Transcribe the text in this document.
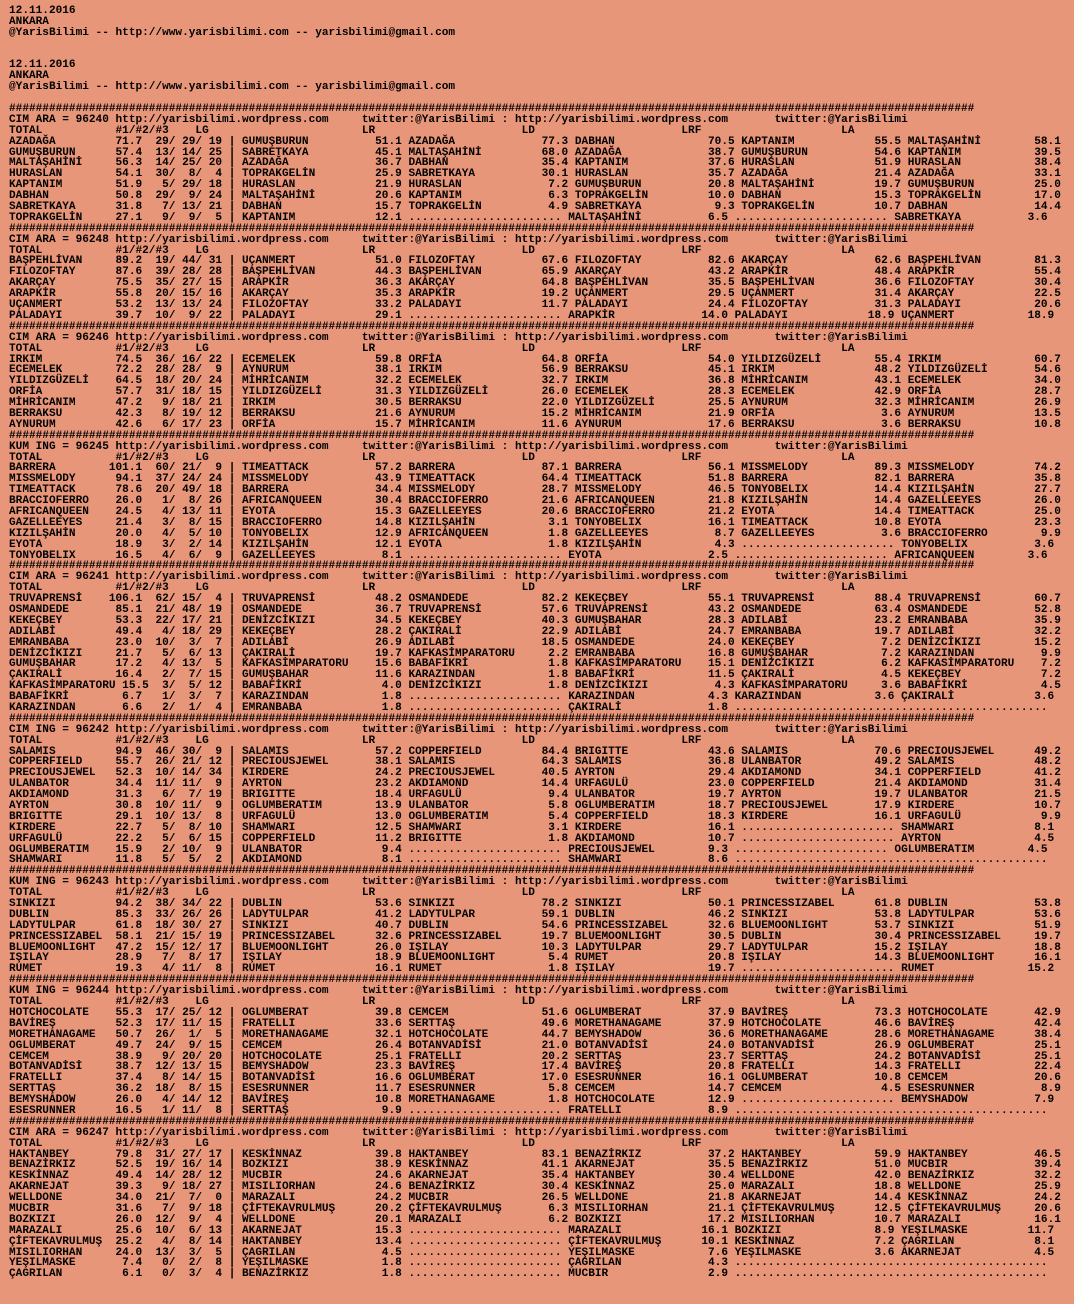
12.11.2016
ANKARA
@YarisBilimi -- http://www.yarisbilimi.com -- yarisbilimi@gmail.com

12.11.2016
ANKARA
@YarisBilimi -- http://www.yarisbilimi.com -- yarisbilimi@gmail.com

#################################################################################################################################################
CIM ARA = 96240 http://yarisbilimi.wordpress.com     twitter:@YarisBilimi : http://yarisbilimi.wordpress.com       twitter:@YarisBilimi
TOTAL           #1/#2/#3    LG                       LR                      LD                      LRF                     LA
AZADAĞA         71.7  29/ 29/ 19 | GUMUŞBURUN          51.1 AZADAĞA             77.3 DABHAN              70.5 KAPTANIM            55.5 MALTAŞAHİNİ        58.1
GUMUŞBURUN      57.4  13/ 14/ 25 | SABRETKAYA          45.1 MALTAŞAHİNİ         68.0 AZADAĞA             38.7 GUMUŞBURUN          54.6 KAPTANIM           39.5
MALTAŞAHİNİ     56.3  14/ 25/ 20 | AZADAĞA             36.7 DABHAN              35.4 KAPTANIM            37.6 HURASLAN            51.9 HURASLAN           38.4
HURASLAN        54.1  30/  8/  4 | TOPRAKGELİN         25.9 SABRETKAYA          30.1 HURASLAN            35.7 AZADAĞA             21.4 AZADAĞA            33.1
KAPTANIM        51.9   5/ 29/ 18 | HURASLAN            21.9 HURASLAN             7.2 GUMUŞBURUN          20.8 MALTAŞAHİNİ         19.7 GUMUŞBURUN         25.0
DABHAN          50.8  29/  9/ 24 | MALTAŞAHİNİ         20.6 KAPTANIM             6.3 TOPRAKGELİN         10.0 DABHAN              15.3 TOPRAKGELİN        17.0
SABRETKAYA      31.8   7/ 13/ 21 | DABHAN              15.7 TOPRAKGELİN          4.9 SABRETKAYA           9.3 TOPRAKGELİN         10.7 DABHAN             14.4
TOPRAKGELİN     27.1   9/  9/  5 | KAPTANIM            12.1 ....................... MALTAŞAHİNİ          6.5 ....................... SABRETKAYA          3.6
#################################################################################################################################################
CIM ARA = 96248 http://yarisbilimi.wordpress.com     twitter:@YarisBilimi : http://yarisbilimi.wordpress.com       twitter:@YarisBilimi
TOTAL           #1/#2/#3    LG                       LR                      LD                      LRF                     LA
BAŞPEHLİVAN     89.2  19/ 44/ 31 | UÇANMERT            51.0 FILOZOFTAY          67.6 FILOZOFTAY          82.6 AKARÇAY             62.6 BAŞPEHLİVAN        81.3
FILOZOFTAY      87.6  39/ 28/ 28 | BAŞPEHLİVAN         44.3 BAŞPEHLİVAN         65.9 AKARÇAY             43.2 ARAPKİR             48.4 ARAPKİR            55.4
AKARÇAY         75.5  35/ 27/ 15 | ARAPKİR             36.3 AKARÇAY             64.8 BAŞPEHLİVAN         35.5 BAŞPEHLİVAN         36.6 FILOZOFTAY         30.4
ARAPKİR         55.8  20/ 15/ 16 | AKARÇAY             35.3 ARAPKİR             19.2 UÇANMERT            29.5 UÇANMERT            31.4 AKARÇAY            22.5
UÇANMERT        53.2  13/ 13/ 24 | FILOZOFTAY          33.2 PALADAYI            11.7 PALADAYI            24.4 FILOZOFTAY          31.3 PALADAYI           20.6
PALADAYI        39.7  10/  9/ 22 | PALADAYI            29.1 ....................... ARAPKİR             14.0 PALADAYI            18.9 UÇANMERT           18.9
#################################################################################################################################################
CIM ARA = 96246 http://yarisbilimi.wordpress.com     twitter:@YarisBilimi : http://yarisbilimi.wordpress.com       twitter:@YarisBilimi
TOTAL           #1/#2/#3    LG                       LR                      LD                      LRF                     LA
IRKIM           74.5  36/ 16/ 22 | ECEMELEK            59.8 ORFİA               64.8 ORFİA               54.0 YILDIZGÜZELİ        55.4 IRKIM              60.7
ECEMELEK        72.2  28/ 28/  9 | AYNURUM             38.1 IRKIM               56.9 BERRAKSU            45.1 IRKIM               48.2 YILDIZGÜZELİ       54.6
YILDIZGÜZELİ    64.5  18/ 20/ 24 | MİHRİCANIM          32.2 ECEMELEK            32.7 IRKIM               36.8 MİHRİCANIM          43.1 ECEMELEK           34.0
ORFİA           57.7  31/ 18/ 15 | YILDIZGÜZELİ        31.3 YILDIZGÜZELİ        26.0 ECEMELEK            28.3 ECEMELEK            42.9 ORFİA              28.7
MİHRİCANIM      47.2   9/ 18/ 21 | IRKIM               30.5 BERRAKSU            22.0 YILDIZGÜZELİ        25.5 AYNURUM             32.3 MİHRİCANIM         26.9
BERRAKSU        42.3   8/ 19/ 12 | BERRAKSU            21.6 AYNURUM             15.2 MİHRİCANIM          21.9 ORFİA                3.6 AYNURUM            13.5
AYNURUM         42.6   6/ 17/ 23 | ORFİA               15.7 MİHRİCANIM          11.6 AYNURUM             17.6 BERRAKSU             3.6 BERRAKSU           10.8
#################################################################################################################################################
KUM ING = 96245 http://yarisbilimi.wordpress.com     twitter:@YarisBilimi : http://yarisbilimi.wordpress.com       twitter:@YarisBilimi
TOTAL           #1/#2/#3    LG                       LR                      LD                      LRF                     LA
BARRERA        101.1  60/ 21/  9 | TIMEATTACK          57.2 BARRERA             87.1 BARRERA             56.1 MISSMELODY          89.3 MISSMELODY         74.2
MISSMELODY      94.1  37/ 24/ 24 | MISSMELODY          43.9 TIMEATTACK          64.4 TIMEATTACK          51.8 BARRERA             82.1 BARRERA            35.8
TIMEATTACK      78.6  20/ 49/ 18 | BARRERA             34.4 MISSMELODY          28.7 MISSMELODY          46.5 TONYOBELIX          14.4 KIZILŞAHİN         27.7
BRACCIOFERRO    26.0   1/  8/ 26 | AFRICANQUEEN        30.4 BRACCIOFERRO        21.6 AFRICANQUEEN        21.8 KIZILŞAHİN          14.4 GAZELLEEYES        26.0
AFRICANQUEEN    24.5   4/ 13/ 11 | EYOTA               15.3 GAZELLEEYES         20.6 BRACCIOFERRO        21.2 EYOTA               14.4 TIMEATTACK         25.0
GAZELLEEYES     21.4   3/  8/ 15 | BRACCIOFERRO        14.8 KIZILŞAHİN           3.1 TONYOBELIX          16.1 TIMEATTACK          10.8 EYOTA              23.3
KIZILŞAHİN      20.0   4/  5/ 10 | TONYOBELIX          12.9 AFRICANQUEEN         1.8 GAZELLEEYES          8.7 GAZELLEEYES          3.6 BRACCIOFERRO        9.9
EYOTA           18.9   3/  2/ 14 | KIZILŞAHİN          12.1 EYOTA                1.8 KIZILŞAHİN           4.3 ....................... TONYOBELIX          3.6
TONYOBELIX      16.5   4/  6/  9 | GAZELLEEYES          8.1 ....................... EYOTA                2.5 ....................... AFRICANQUEEN        3.6
#################################################################################################################################################
CIM ARA = 96241 http://yarisbilimi.wordpress.com     twitter:@YarisBilimi : http://yarisbilimi.wordpress.com       twitter:@YarisBilimi
TOTAL           #1/#2/#3    LG                       LR                      LD                      LRF                     LA
TRUVAPRENSİ    106.1  62/ 15/  4 | TRUVAPRENSİ         48.2 OSMANDEDE           82.2 KEKEÇBEY            55.1 TRUVAPRENSİ         88.4 TRUVAPRENSİ        60.7
OSMANDEDE       85.1  21/ 48/ 19 | OSMANDEDE           36.7 TRUVAPRENSİ         57.6 TRUVAPRENSİ         43.2 OSMANDEDE           63.4 OSMANDEDE          52.8
KEKEÇBEY        53.3  22/ 17/ 21 | DENİZCİKIZI         34.5 KEKEÇBEY            40.3 GUMUŞBAHAR          28.3 ADILABİ             23.2 EMRANBABA          35.9
ADILABİ         49.4   4/ 18/ 29 | KEKEÇBEY            28.2 ÇAKIRALİ            22.9 ADILABİ             24.7 EMRANBABA           19.7 ADILABİ            32.2
EMRANBABA       23.0  10/  3/  7 | ADILABİ             26.9 ADILABİ             18.5 OSMANDEDE           24.0 KEKEÇBEY             7.2 DENİZCİKIZI        15.2
DENİZCİKIZI     21.7   5/  6/ 13 | ÇAKIRALİ            19.7 KAFKASİMPARATORU     2.2 EMRANBABA           16.8 GUMUŞBAHAR           7.2 KARAZINDAN          9.9
GUMUŞBAHAR      17.2   4/ 13/  5 | KAFKASİMPARATORU    15.6 BABAFİKRİ            1.8 KAFKASİMPARATORU    15.1 DENİZCİKIZI          6.2 KAFKASİMPARATORU    7.2
ÇAKIRALİ        16.4   2/  7/ 15 | GUMUŞBAHAR          11.6 KARAZINDAN           1.8 BABAFİKRİ           11.5 ÇAKIRALİ             4.5 KEKEÇBEY            7.2
KAFKASİMPARATORU 15.5  3/  5/ 12 | BABAFİKRİ            4.0 DENİZCİKIZI          1.8 DENİZCİKIZI          4.3 KAFKASİMPARATORU     3.6 BABAFİKRİ           4.5
BABAFİKRİ        6.7   1/  3/  7 | KARAZINDAN           1.8 ....................... KARAZINDAN           4.3 KARAZINDAN           3.6 ÇAKIRALİ            3.6
KARAZINDAN       6.6   2/  1/  4 | EMRANBABA            1.8 ....................... ÇAKIRALİ             1.8 ...............................................
#################################################################################################################################################
CIM ING = 96242 http://yarisbilimi.wordpress.com     twitter:@YarisBilimi : http://yarisbilimi.wordpress.com       twitter:@YarisBilimi
TOTAL           #1/#2/#3    LG                       LR                      LD                      LRF                     LA
SALAMIS         94.9  46/ 30/  9 | SALAMIS             57.2 COPPERFIELD         84.4 BRIGITTE            43.6 SALAMIS             70.6 PRECIOUSJEWEL      49.2
COPPERFIELD     55.7  26/ 21/ 12 | PRECIOUSJEWEL       38.1 SALAMIS             64.3 SALAMIS             36.8 ULANBATOR           49.2 SALAMIS            48.2
PRECIOUSJEWEL   52.3  10/ 14/ 34 | KIRDERE             24.2 PRECIOUSJEWEL       40.5 AYRTON              29.4 AKDIAMOND           34.1 COPPERFIELD        41.2
ULANBATOR       34.4  11/ 11/  9 | AYRTON              23.2 AKDIAMOND           14.4 URFAGULÜ            23.0 COPPERFIELD         21.4 AKDIAMOND          31.4
AKDIAMOND       31.3   6/  7/ 19 | BRIGITTE            18.4 URFAGULÜ             9.4 ULANBATOR           19.7 AYRTON              19.7 ULANBATOR          21.5
AYRTON          30.8  10/ 11/  9 | OGLUMBERATIM        13.9 ULANBATOR            5.8 OGLUMBERATIM        18.7 PRECIOUSJEWEL       17.9 KIRDERE            10.7
BRIGITTE        29.1  10/ 13/  8 | URFAGULÜ            13.0 OGLUMBERATIM         5.4 COPPERFIELD         18.3 KIRDERE             16.1 URFAGULÜ            9.9
KIRDERE         22.7   5/  8/ 10 | SHAMWARI            12.5 SHAMWARI             3.1 KIRDERE             16.1 ....................... SHAMWARI            8.1
URFAGULÜ        22.2   5/  6/ 15 | COPPERFIELD         11.2 BRIGITTE             1.8 AKDIAMOND           10.7 ....................... AYRTON              4.5
OGLUMBERATIM    15.9   2/ 10/  9 | ULANBATOR            9.4 ....................... PRECIOUSJEWEL        9.3 ....................... OGLUMBERATIM        4.5
SHAMWARI        11.8   5/  5/  2 | AKDIAMOND            8.1 ....................... SHAMWARI             8.6 ...............................................
#################################################################################################################################################
KUM ING = 96243 http://yarisbilimi.wordpress.com     twitter:@YarisBilimi : http://yarisbilimi.wordpress.com       twitter:@YarisBilimi
TOTAL           #1/#2/#3    LG                       LR                      LD                      LRF                     LA
SINKIZI         94.2  38/ 34/ 22 | DUBLIN              53.6 SINKIZI             78.2 SINKIZI             50.1 PRINCESSIZABEL      61.8 DUBLIN             53.8
DUBLIN          85.3  33/ 26/ 26 | LADYTULPAR          41.2 LADYTULPAR          59.1 DUBLIN              46.2 SINKIZI             53.8 LADYTULPAR         53.6
LADYTULPAR      61.8  18/ 30/ 27 | SINKIZI             40.7 DUBLIN              54.6 PRINCESSIZABEL      32.6 BLUEMOONLIGHT       53.7 SINKIZI            51.9
PRINCESSIZABEL  58.1  21/ 15/ 19 | PRINCESSIZABEL      32.6 PRINCESSIZABEL      19.7 BLUEMOONLIGHT       30.5 DUBLIN              30.4 PRINCESSIZABEL     19.7
BLUEMOONLIGHT   47.2  15/ 12/ 17 | BLUEMOONLIGHT       26.0 IŞILAY              10.3 LADYTULPAR          29.7 LADYTULPAR          15.2 IŞILAY             18.8
IŞILAY          28.9   7/  8/ 17 | IŞILAY              18.9 BLUEMOONLIGHT        5.4 RUMET               20.8 IŞILAY              14.3 BLUEMOONLIGHT      16.1
RUMET           19.3   4/ 11/  8 | RUMET               16.1 RUMET                1.8 IŞILAY              19.7 ....................... RUMET              15.2
#################################################################################################################################################
KUM ING = 96244 http://yarisbilimi.wordpress.com     twitter:@YarisBilimi : http://yarisbilimi.wordpress.com       twitter:@YarisBilimi
TOTAL           #1/#2/#3    LG                       LR                      LD                      LRF                     LA
HOTCHOCOLATE    55.3  17/ 25/ 12 | OGLUMBERAT          39.8 CEMCEM              51.6 OGLUMBERAT          37.9 BAVİREŞ             73.3 HOTCHOCOLATE       42.9
BAVİREŞ         52.3  17/ 11/ 15 | FRATELLI            33.6 SERTTAŞ             49.6 MORETHANAGAME       37.9 HOTCHOCOLATE        46.6 BAVİREŞ            42.4
MORETHANAGAME   50.7  26/  1/  5 | MORETHANAGAME       32.1 HOTCHOCOLATE        44.7 BEMYSHADOW          36.6 MORETHANAGAME       28.6 MORETHANAGAME      38.4
OGLUMBERAT      49.7  24/  9/ 15 | CEMCEM              26.4 BOTANVADİSİ         21.0 BOTANVADİSİ         24.0 BOTANVADİSİ         26.9 OGLUMBERAT         25.1
CEMCEM          38.9   9/ 20/ 20 | HOTCHOCOLATE        25.1 FRATELLI            20.2 SERTTAŞ             23.7 SERTTAŞ             24.2 BOTANVADİSİ        25.1
BOTANVADİSİ     38.7  12/ 13/ 15 | BEMYSHADOW          23.3 BAVİREŞ             17.4 BAVİREŞ             20.8 FRATELLI            14.3 FRATELLI           22.4
FRATELLI        37.4   8/ 14/ 15 | BOTANVADİSİ         16.6 OGLUMBERAT          17.0 ESESRUNNER          16.1 OGLUMBERAT          10.8 CEMCEM             20.6
SERTTAŞ         36.2  18/  8/ 15 | ESESRUNNER          11.7 ESESRUNNER           5.8 CEMCEM              14.7 CEMCEM               4.5 ESESRUNNER          8.9
BEMYSHADOW      26.0   4/ 14/ 12 | BAVİREŞ             10.8 MORETHANAGAME        1.8 HOTCHOCOLATE        12.9 ....................... BEMYSHADOW          7.9
ESESRUNNER      16.5   1/ 11/  8 | SERTTAŞ              9.9 ....................... FRATELLI             8.9 ...............................................
#################################################################################################################################################
CIM ARA = 96247 http://yarisbilimi.wordpress.com     twitter:@YarisBilimi : http://yarisbilimi.wordpress.com       twitter:@YarisBilimi
TOTAL           #1/#2/#3    LG                       LR                      LD                      LRF                     LA
HAKTANBEY       79.8  31/ 27/ 17 | KESKİNNAZ           39.8 HAKTANBEY           83.1 BENAZİRKIZ          37.2 HAKTANBEY           59.9 HAKTANBEY          46.5
BENAZİRKIZ      52.5  19/ 16/ 14 | BOZKIZI             38.9 KESKİNNAZ           41.1 AKARNEJAT           35.5 BENAZİRKIZ          51.0 MUCBIR             39.4
KESKİNNAZ       49.4  14/ 28/ 12 | MUCBIR              24.6 AKARNEJAT           35.4 HAKTANBEY           30.4 WELLDONE            42.0 BENAZİRKIZ         32.2
AKARNEJAT       39.3   9/ 18/ 27 | MISILIORHAN         24.6 BENAZİRKIZ          30.4 KESKİNNAZ           25.0 MARAZALI            18.8 WELLDONE           25.9
WELLDONE        34.0  21/  7/  0 | MARAZALI            24.2 MUCBIR              26.5 WELLDONE            21.8 AKARNEJAT           14.4 KESKİNNAZ          24.2
MUCBIR          31.6   7/  9/ 18 | ÇİFTEKAVRULMUŞ      20.2 ÇİFTEKAVRULMUŞ       6.3 MISILIORHAN         21.1 ÇİFTEKAVRULMUŞ      12.5 ÇİFTEKAVRULMUŞ     20.6
BOZKIZI         26.0  12/  9/  4 | WELLDONE            20.1 MARAZALI             6.2 BOZKIZI             17.2 MISILIORHAN         10.7 MARAZALI           16.1
MARAZALI        25.6  10/  6/ 13 | AKARNEJAT           15.3 ....................... MARAZALI            16.1 BOZKIZI              8.9 YEŞILMASKE         11.7
ÇİFTEKAVRULMUŞ  25.2   4/  8/ 14 | HAKTANBEY           13.4 ....................... ÇİFTEKAVRULMUŞ      10.1 KESKİNNAZ            7.2 ÇAGRILAN            8.1
MISILIORHAN     24.0  13/  3/  5 | ÇAGRILAN             4.5 ....................... YEŞILMASKE           7.6 YEŞILMASKE           3.6 AKARNEJAT           4.5
YEŞILMASKE       7.4   0/  2/  8 | YEŞILMASKE           1.8 ....................... ÇAGRILAN             4.3 ...............................................
ÇAGRILAN         6.1   0/  3/  4 | BENAZİRKIZ           1.8 ....................... MUCBIR               2.9 ...............................................
